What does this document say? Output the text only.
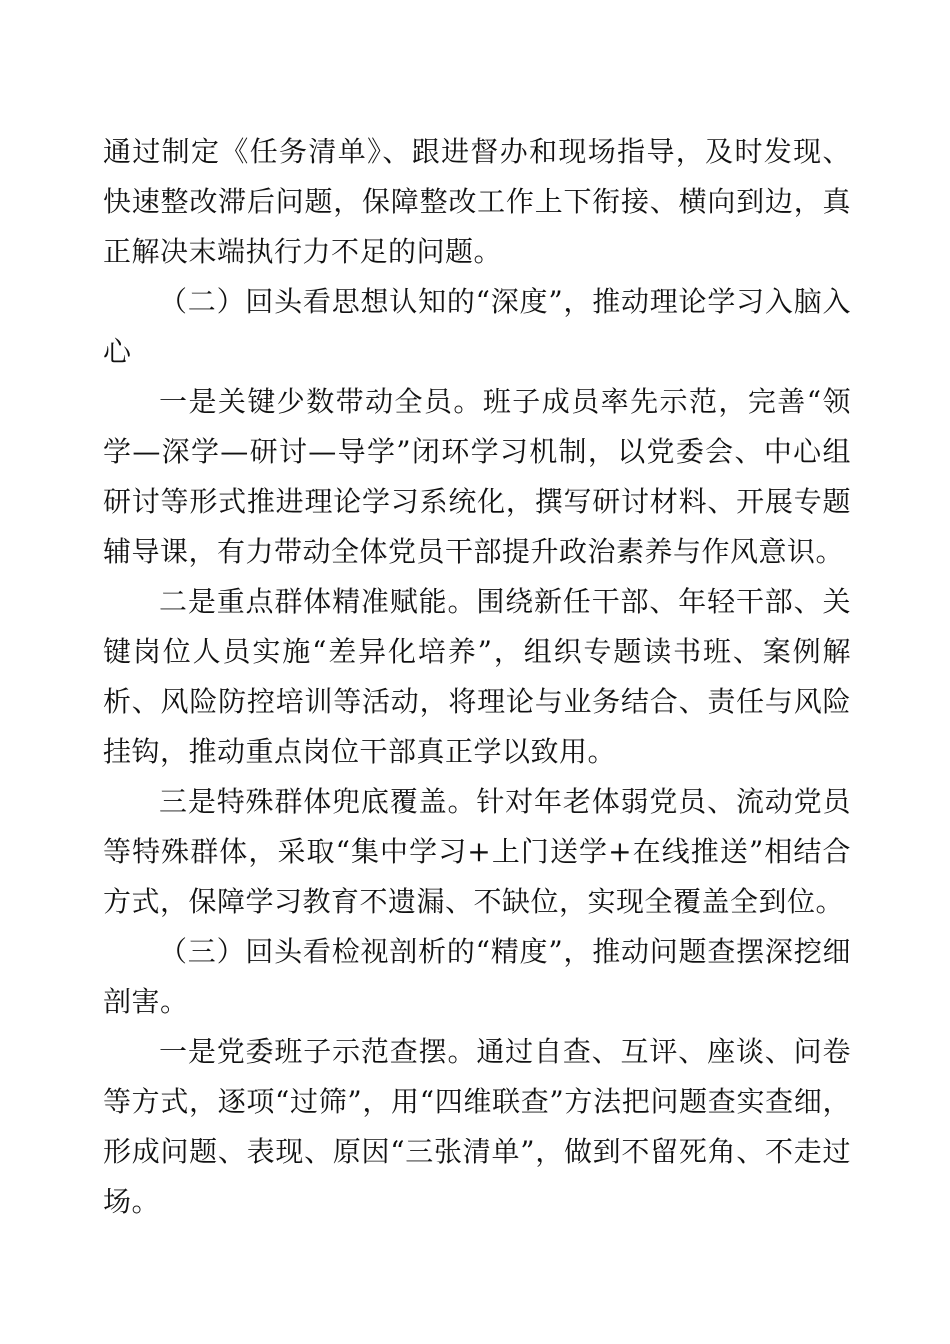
通过制定《任务清单》、跟进督办和现场指导，及时发现、快速整改滞后问题，保障整改工作上下衔接、横向到边，真正解决末端执行力不足的问题。

（二）回头看思想认知的“深度”，推动理论学习入脑入心

一是关键少数带动全员。班子成员率先示范，完善“领学—深学—研讨—导学”闭环学习机制，以党委会、中心组研讨等形式推进理论学习系统化，撰写研讨材料、开展专题辅导课，有力带动全体党员干部提升政治素养与作风意识。

二是重点群体精准赋能。围绕新任干部、年轻干部、关键岗位人员实施“差异化培养”，组织专题读书班、案例解析、风险防控培训等活动，将理论与业务结合、责任与风险挂钩，推动重点岗位干部真正学以致用。

三是特殊群体兜底覆盖。针对年老体弱党员、流动党员等特殊群体，采取“集中学习+上门送学+在线推送”相结合方式，保障学习教育不遗漏、不缺位，实现全覆盖全到位。

（三）回头看检视剖析的“精度”，推动问题查摆深挖细剖害。

一是党委班子示范查摆。通过自查、互评、座谈、问卷等方式，逐项“过筛”，用“四维联查”方法把问题查实查细，形成问题、表现、原因“三张清单”，做到不留死角、不走过场。
